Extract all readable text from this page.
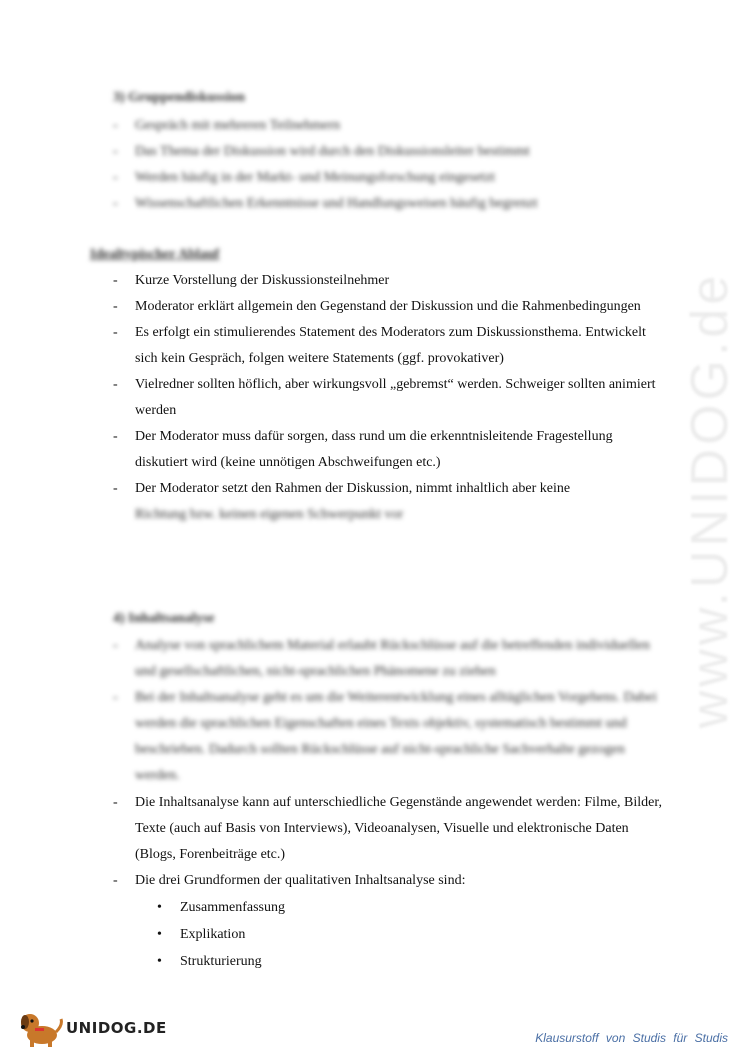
www.UNIDOG.de
3) Gruppendiskussion
- Gespräch mit mehreren Teilnehmern
- Das Thema der Diskussion wird durch den Diskussionsleiter bestimmt
- Werden häufig in der Markt- und Meinungsforschung eingesetzt
- Wissenschaftlichen Erkenntnisse und Handlungsweisen häufig begrenzt
Idealtypischer Ablauf
- Kurze Vorstellung der Diskussionsteilnehmer
- Moderator erklärt allgemein den Gegenstand der Diskussion und die Rahmenbedingungen
- Es erfolgt ein stimulierendes Statement des Moderators zum Diskussionsthema. Entwickelt sich kein Gespräch, folgen weitere Statements (ggf. provokativer)
- Vielredner sollten höflich, aber wirkungsvoll „gebremst“ werden. Schweiger sollten animiert werden
- Der Moderator muss dafür sorgen, dass rund um die erkenntnisleitende Fragestellung diskutiert wird (keine unnötigen Abschweifungen etc.)
- Der Moderator setzt den Rahmen der Diskussion, nimmt inhaltlich aber keine
Richtung bzw. keinen eigenen Schwerpunkt vor
4) Inhaltsanalyse
- Analyse von sprachlichem Material erlaubt Rückschlüsse auf die betreffenden individuellen und gesellschaftlichen, nicht-sprachlichen Phänomene zu ziehen
- Bei der Inhaltsanalyse geht es um die Weiterentwicklung eines alltäglichen Vorgehens. Dabei werden die sprachlichen Eigenschaften eines Texts objektiv, systematisch bestimmt und beschrieben. Dadurch sollten Rückschlüsse auf nicht-sprachliche Sachverhalte gezogen werden.
- Die Inhaltsanalyse kann auf unterschiedliche Gegenstände angewendet werden: Filme, Bilder, Texte (auch auf Basis von Interviews), Videoanalysen, Visuelle und elektronische Daten (Blogs, Forenbeiträge etc.)
- Die drei Grundformen der qualitativen Inhaltsanalyse sind:
• Zusammenfassung
• Explikation
• Strukturierung
UNIDOG.DE
Klausurstoff von Studis für Studis
